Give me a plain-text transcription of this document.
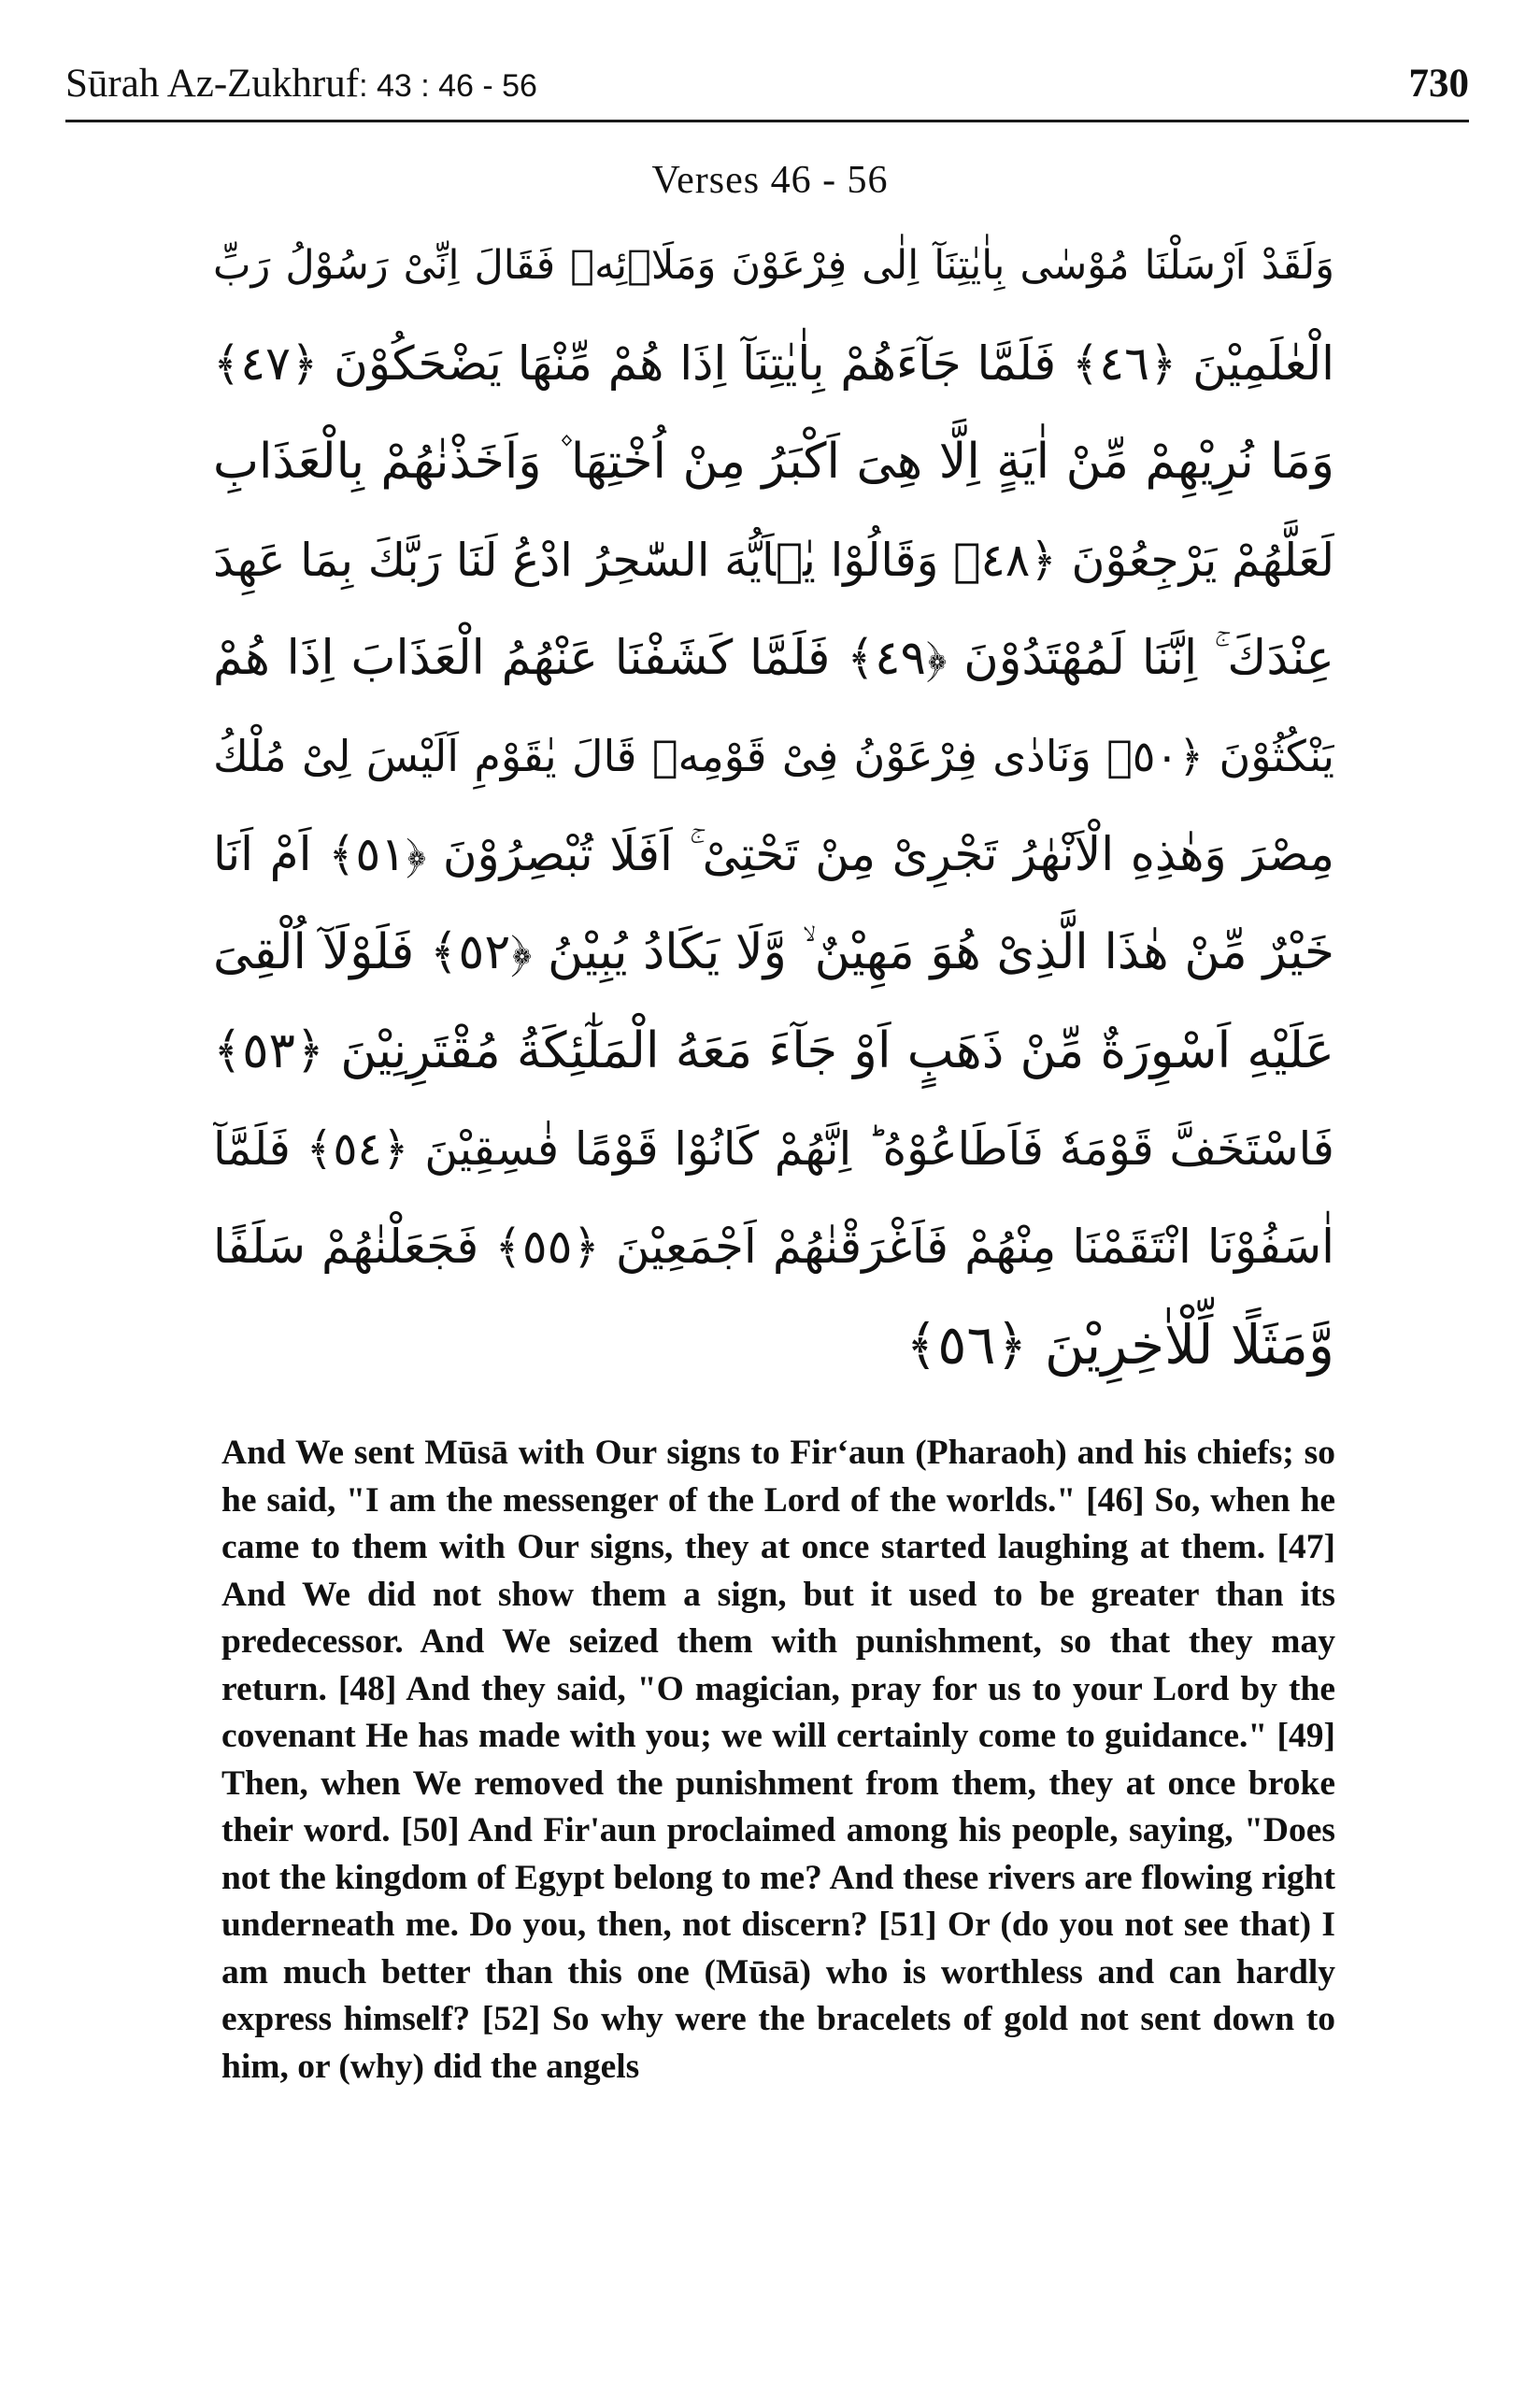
Sūrah Az-Zukhruf: 43 : 46 - 56	730
Verses 46 - 56
وَلَقَدْ اَرْسَلْنَا مُوْسٰى بِاٰيٰتِنَآ اِلٰى فِرْعَوْنَ وَمَلَا۟ئِهٖ فَقَالَ اِنِّیْ رَسُوْلُ رَبِّ
الْعٰلَمِيْنَ ﴿٤٦﴾ فَلَمَّا جَآءَهُمْ بِاٰيٰتِنَآ اِذَا هُمْ مِّنْهَا يَضْحَكُوْنَ ﴿٤٧﴾
وَمَا نُرِيْهِمْ مِّنْ اٰيَةٍ اِلَّا هِیَ اَكْبَرُ مِنْ اُخْتِهَا ۫ وَاَخَذْنٰهُمْ بِالْعَذَابِ
لَعَلَّهُمْ يَرْجِعُوْنَ ﴿٤٨﴾ وَقَالُوْا يٰۤاَيُّهَ السّٰحِرُ ادْعُ لَنَا رَبَّكَ بِمَا عَهِدَ
عِنْدَكَ ۚ اِنَّنَا لَمُهْتَدُوْنَ ﴿٤٩﴾ فَلَمَّا كَشَفْنَا عَنْهُمُ الْعَذَابَ اِذَا هُمْ
يَنْكُثُوْنَ ﴿٥٠﴾ وَنَادٰى فِرْعَوْنُ فِیْ قَوْمِهٖ قَالَ يٰقَوْمِ اَلَيْسَ لِیْ مُلْكُ
مِصْرَ وَهٰذِهِ الْاَنْهٰرُ تَجْرِیْ مِنْ تَحْتِیْ ۚ اَفَلَا تُبْصِرُوْنَ ﴿٥١﴾ اَمْ اَنَا
خَيْرٌ مِّنْ هٰذَا الَّذِیْ هُوَ مَهِيْنٌ ۙ وَّلَا يَكَادُ يُبِيْنُ ﴿٥٢﴾ فَلَوْلَآ اُلْقِیَ
عَلَيْهِ اَسْوِرَةٌ مِّنْ ذَهَبٍ اَوْ جَآءَ مَعَهُ الْمَلٰٓئِكَةُ مُقْتَرِنِيْنَ ﴿٥٣﴾
فَاسْتَخَفَّ قَوْمَهٗ فَاَطَاعُوْهُ ؕ اِنَّهُمْ كَانُوْا قَوْمًا فٰسِقِيْنَ ﴿٥٤﴾ فَلَمَّآ
اٰسَفُوْنَا انْتَقَمْنَا مِنْهُمْ فَاَغْرَقْنٰهُمْ اَجْمَعِيْنَ ﴿٥٥﴾ فَجَعَلْنٰهُمْ سَلَفًا
وَّمَثَلًا لِّلْاٰخِرِيْنَ ﴿٥٦﴾

And We sent Mūsā with Our signs to Fir‘aun (Pharaoh) and his chiefs; so he said, "I am the messenger of the Lord of the worlds." [46] So, when he came to them with Our signs, they at once started laughing at them. [47] And We did not show them a sign, but it used to be greater than its predecessor. And We seized them with punishment, so that they may return. [48] And they said, "O magician, pray for us to your Lord by the covenant He has made with you; we will certainly come to guidance." [49] Then, when We removed the punishment from them, they at once broke their word. [50] And Fir'aun proclaimed among his people, saying, "Does not the kingdom of Egypt belong to me? And these rivers are flowing right underneath me. Do you, then, not discern? [51] Or (do you not see that) I am much better than this one (Mūsā) who is worthless and can hardly express himself? [52] So why were the bracelets of gold not sent down to him, or (why) did the angels
